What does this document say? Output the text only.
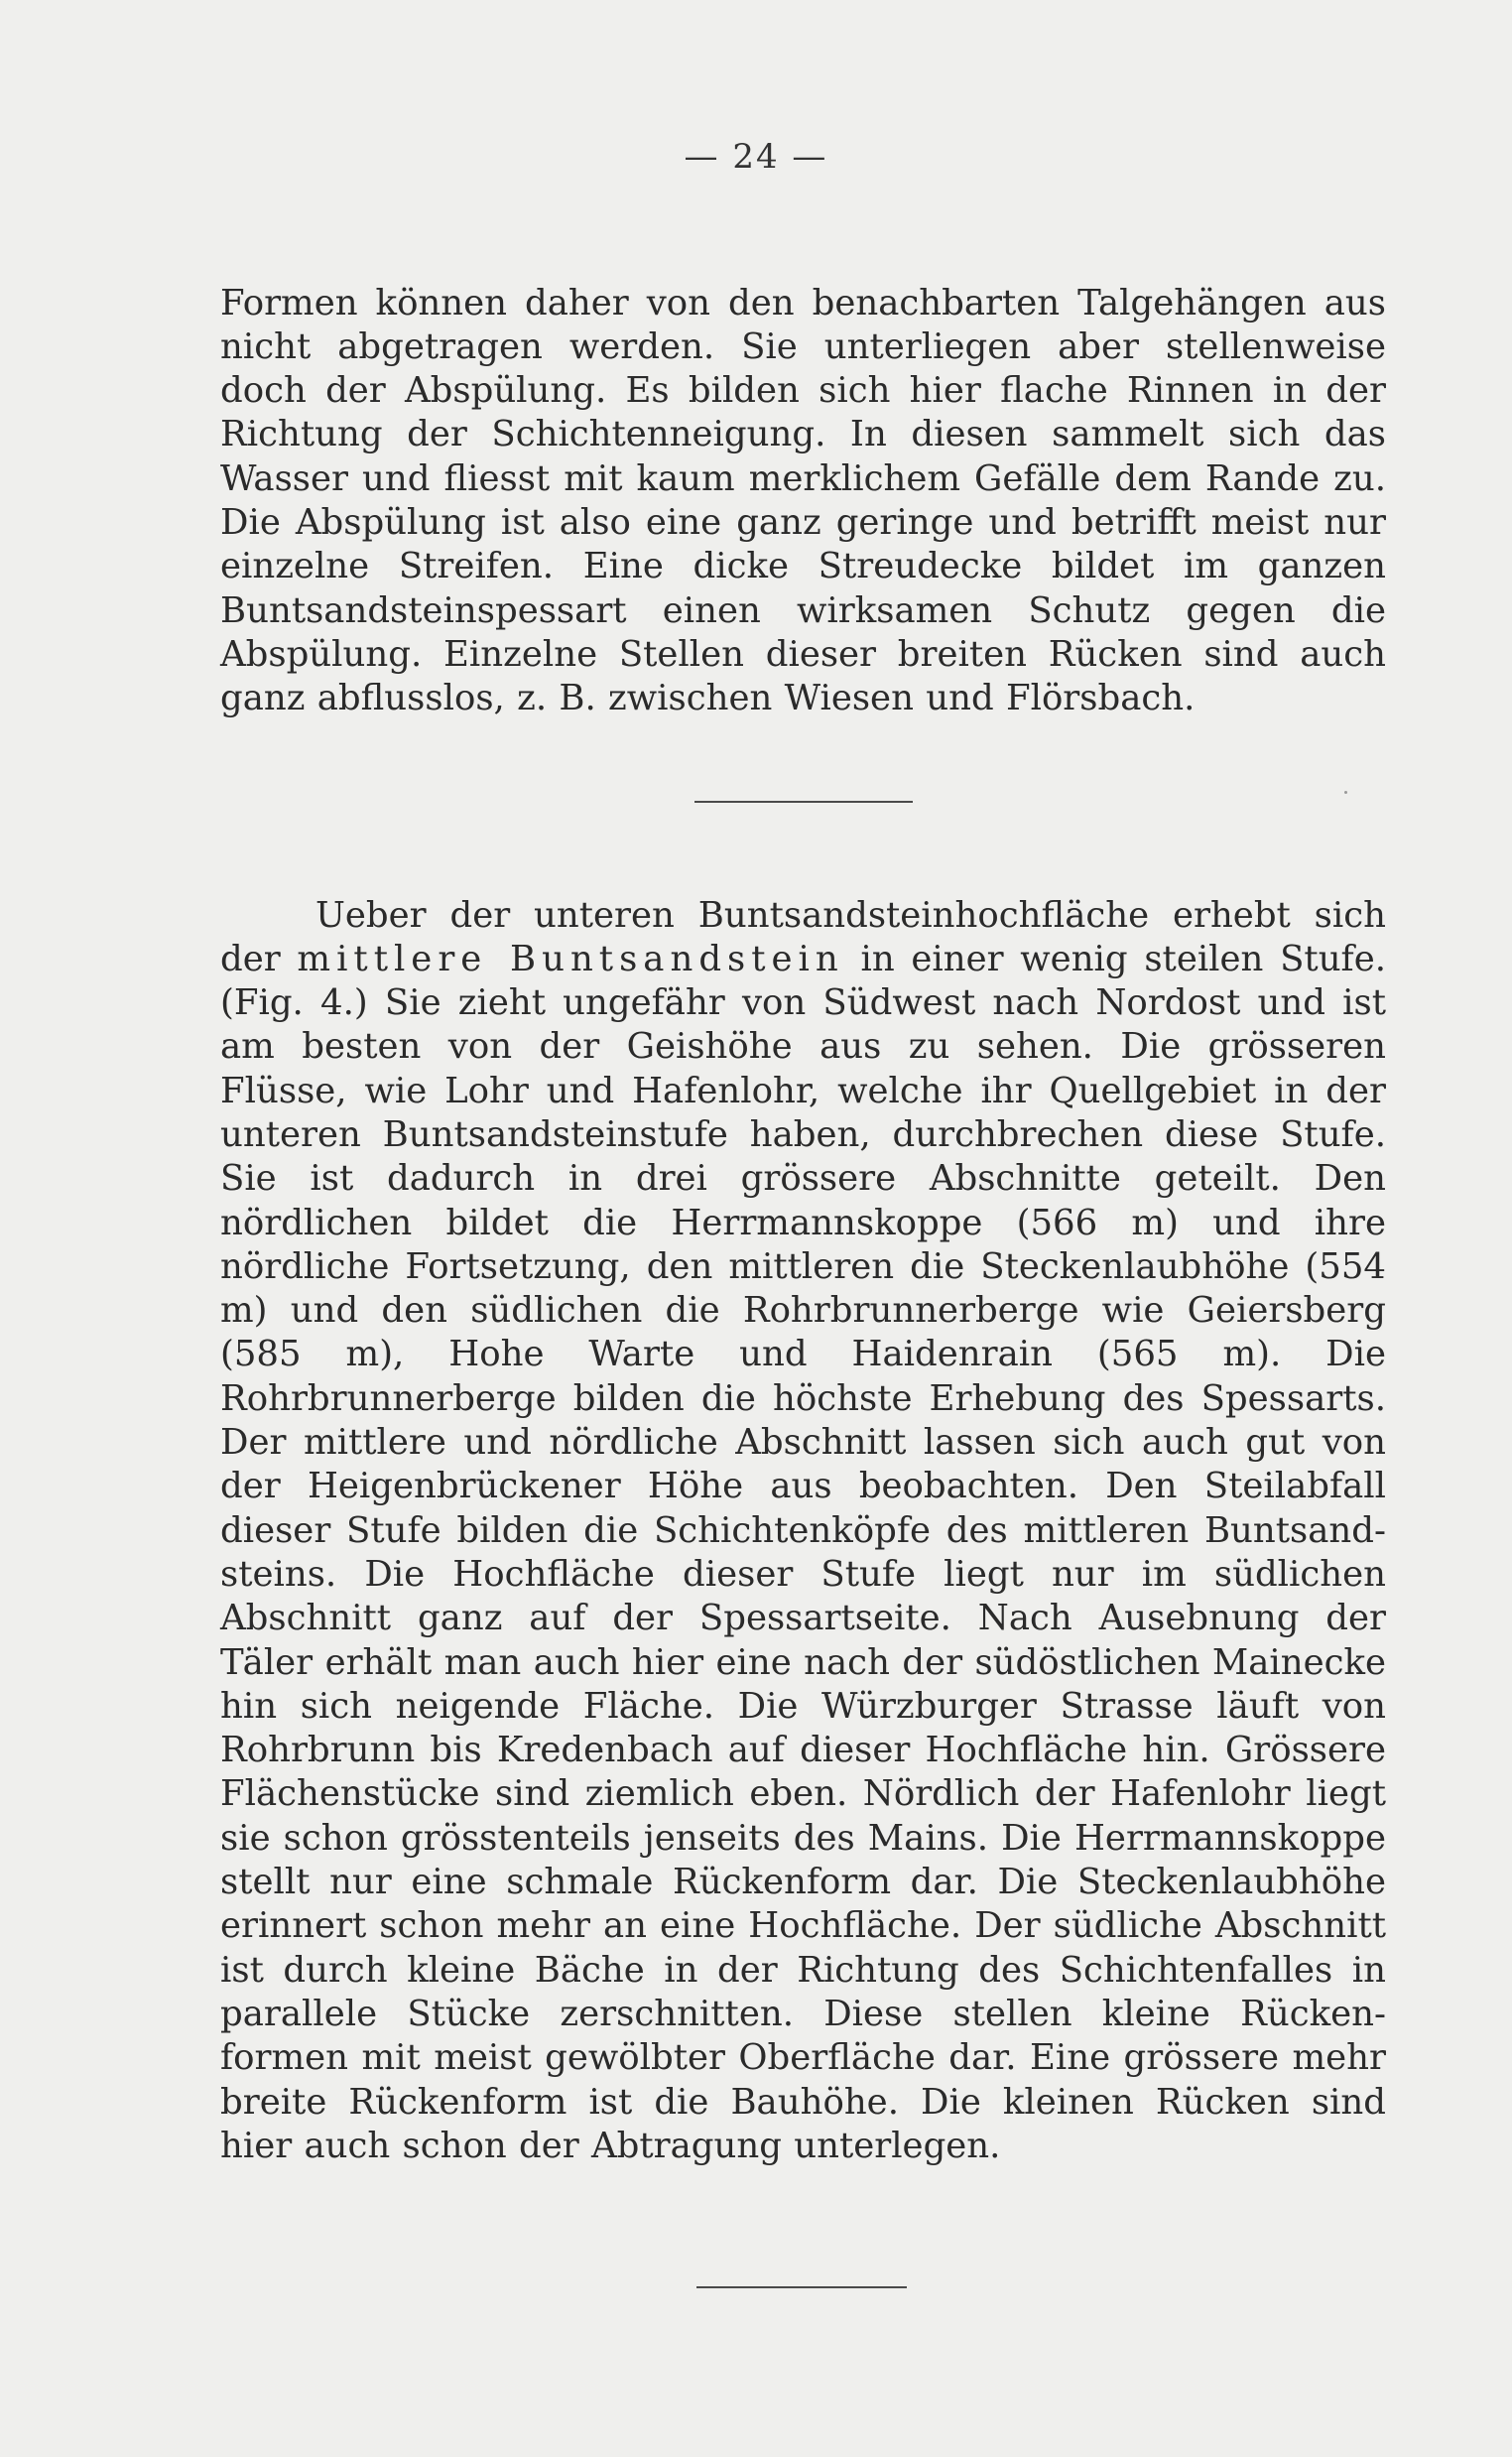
— 24 —

Formen können daher von den benachbarten Talgehängen aus nicht abgetragen werden. Sie unterliegen aber stellenweise doch der Abspülung. Es bilden sich hier flache Rinnen in der Richtung der Schichtenneigung. In diesen sammelt sich das Wasser und fliesst mit kaum merklichem Gefälle dem Rande zu. Die Abspülung ist also eine ganz geringe und betrifft meist nur einzelne Streifen. Eine dicke Streudecke bildet im ganzen Buntsandsteinspessart einen wirksamen Schutz gegen die Abspülung. Einzelne Stellen dieser breiten Rücken sind auch ganz abflusslos, z. B. zwischen Wiesen und Flörsbach.

Ueber der unteren Buntsandsteinhochfläche erhebt sich der mittlere Buntsandstein in einer wenig steilen Stufe. (Fig. 4.) Sie zieht ungefähr von Südwest nach Nordost und ist am besten von der Geishöhe aus zu sehen. Die grösseren Flüsse, wie Lohr und Hafenlohr, welche ihr Quellgebiet in der unteren Buntsandsteinstufe haben, durchbrechen diese Stufe. Sie ist dadurch in drei grössere Abschnitte geteilt. Den nördlichen bildet die Herrmannskoppe (566 m) und ihre nördliche Fortsetzung, den mittleren die Steckenlaubhöhe (554 m) und den südlichen die Rohrbrunnerberge wie Geiersberg (585 m), Hohe Warte und Haidenrain (565 m). Die Rohrbrunnerberge bilden die höchste Erhebung des Spessarts. Der mittlere und nördliche Abschnitt lassen sich auch gut von der Heigenbrückener Höhe aus beobachten. Den Steilabfall dieser Stufe bilden die Schichtenköpfe des mittleren Buntsandsteins. Die Hochfläche dieser Stufe liegt nur im südlichen Abschnitt ganz auf der Spessartseite. Nach Ausebnung der Täler erhält man auch hier eine nach der südöstlichen Mainecke hin sich neigende Fläche. Die Würzburger Strasse läuft von Rohrbrunn bis Kredenbach auf dieser Hochfläche hin. Grössere Flächenstücke sind ziemlich eben. Nördlich der Hafenlohr liegt sie schon grösstenteils jenseits des Mains. Die Herrmannskoppe stellt nur eine schmale Rückenform dar. Die Steckenlaubhöhe erinnert schon mehr an eine Hochfläche. Der südliche Abschnitt ist durch kleine Bäche in der Richtung des Schichtenfalles in parallele Stücke zerschnitten. Diese stellen kleine Rückenformen mit meist gewölbter Oberfläche dar. Eine grössere mehr breite Rückenform ist die Bauhöhe. Die kleinen Rücken sind hier auch schon der Abtragung unterlegen.
